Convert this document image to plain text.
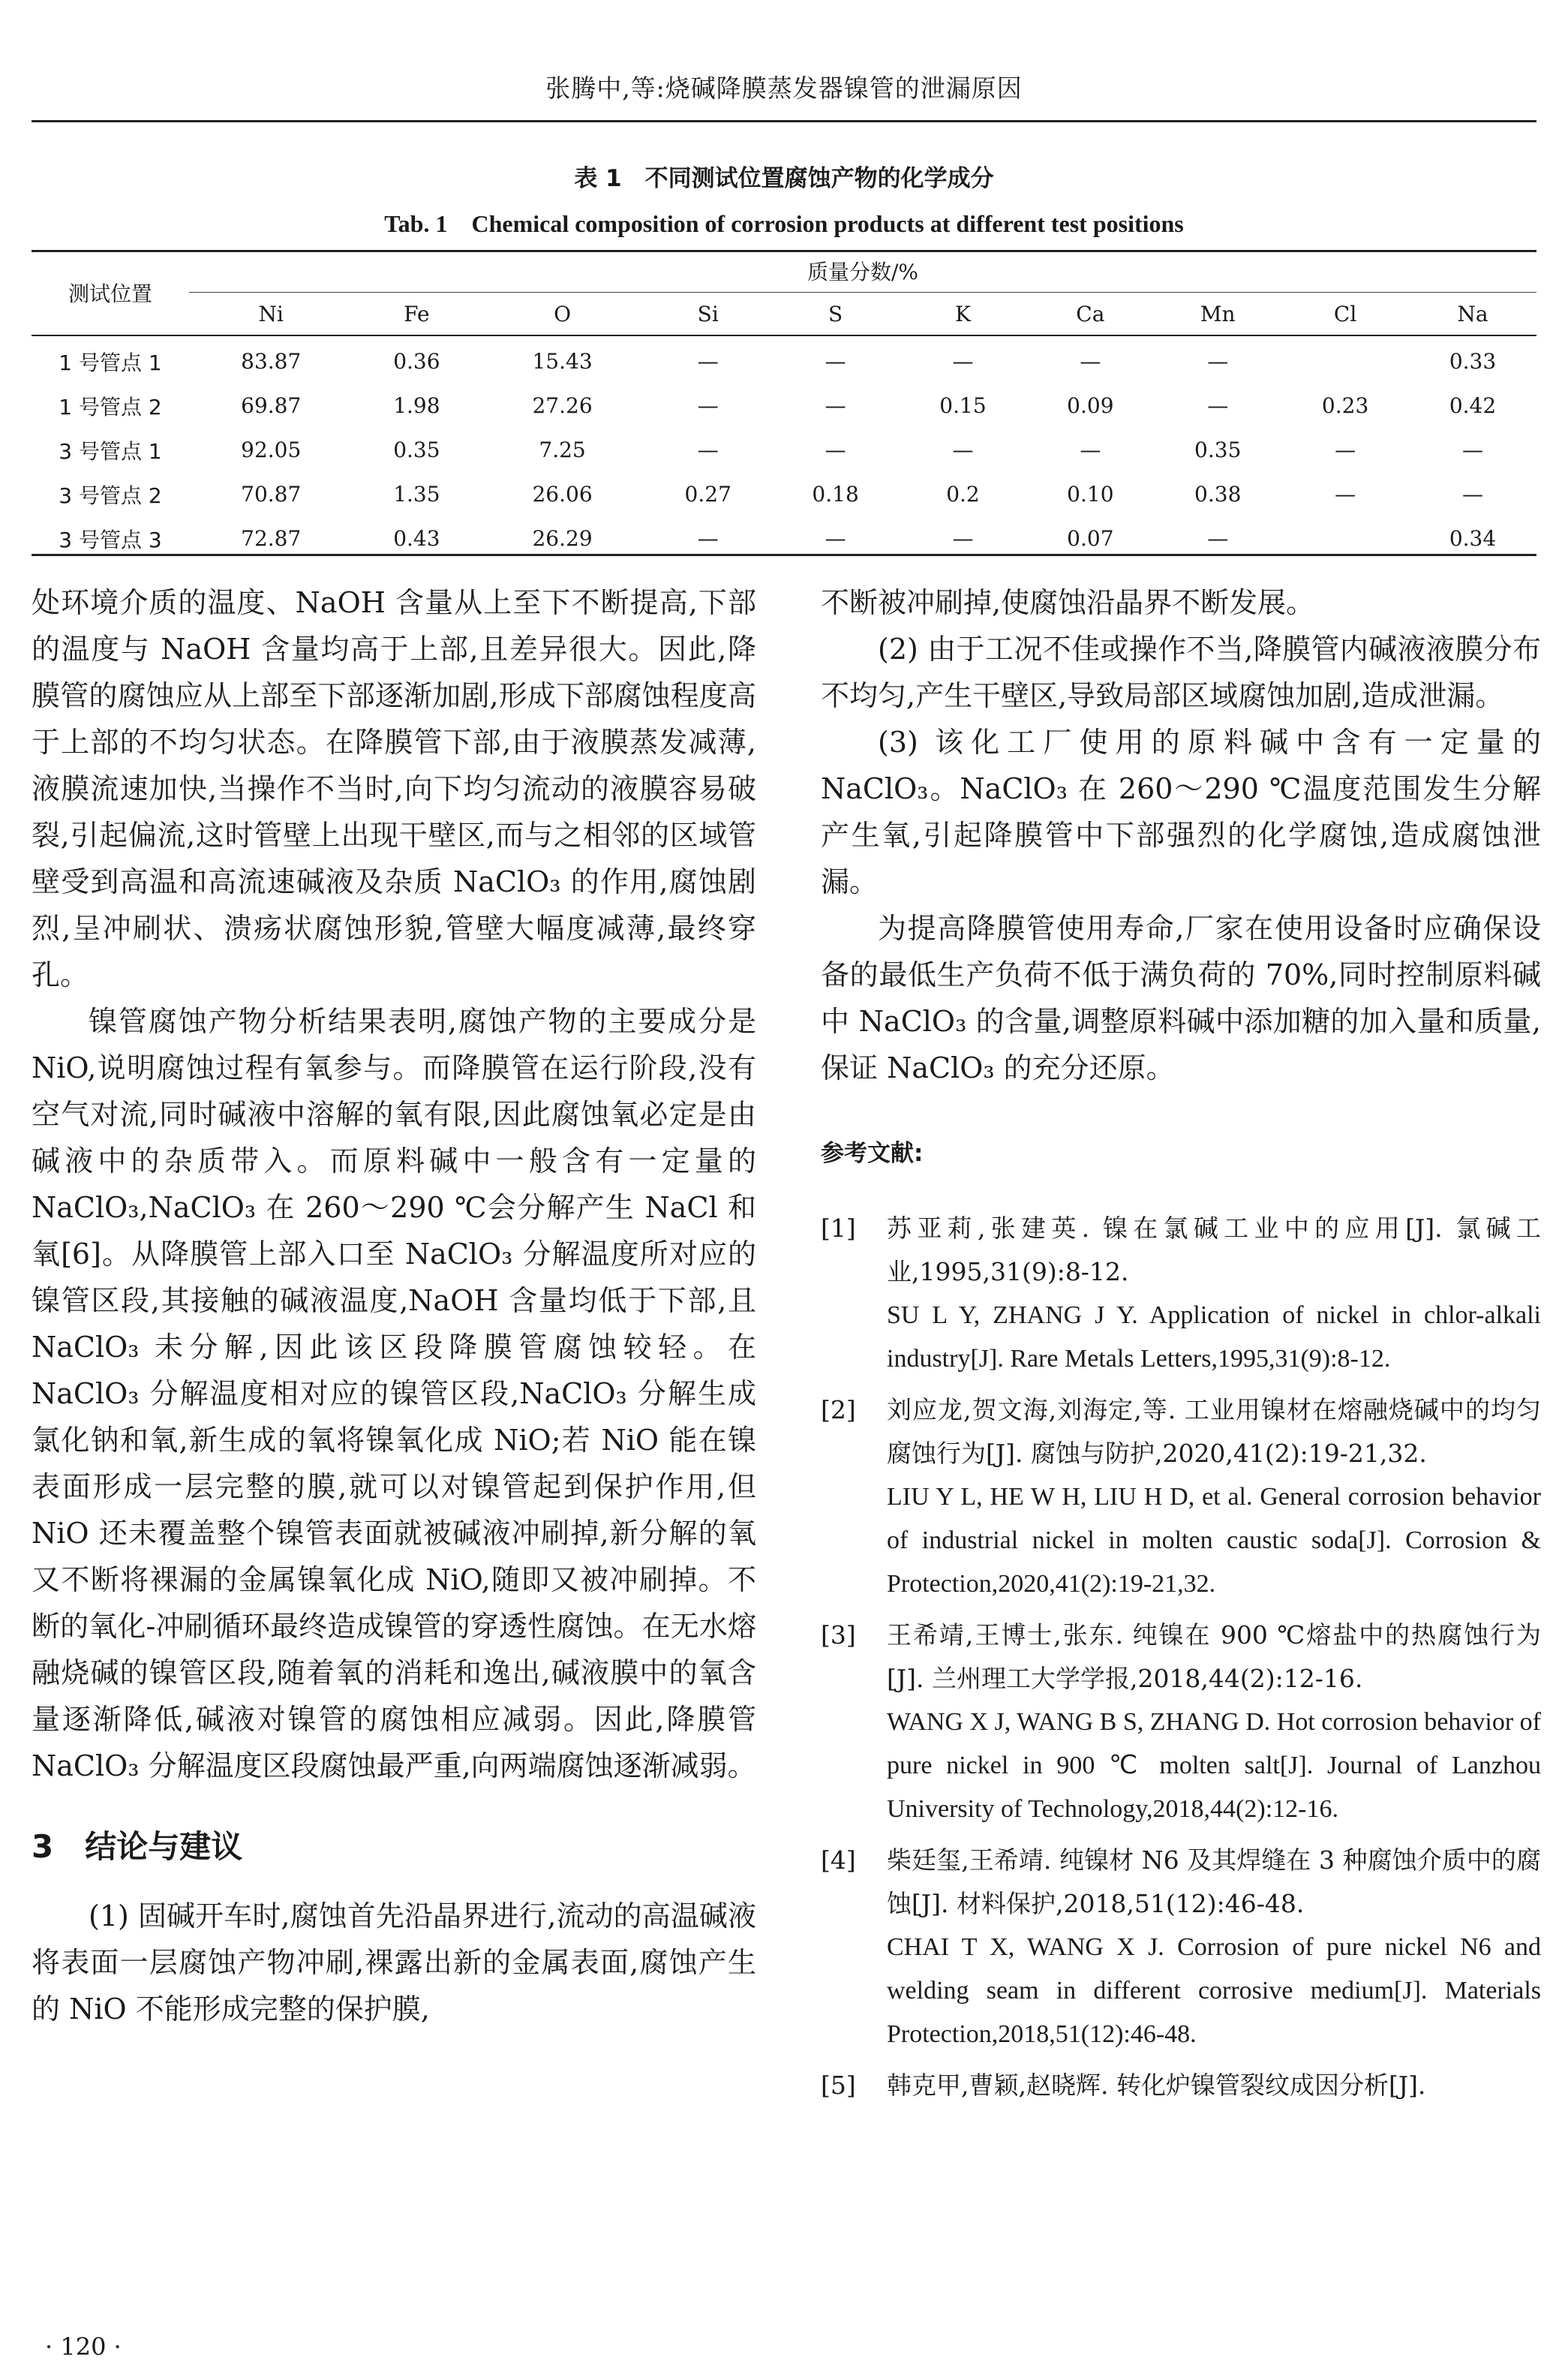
张腾中,等:烧碱降膜蒸发器镍管的泄漏原因
表 1　不同测试位置腐蚀产物的化学成分
Tab. 1　Chemical composition of corrosion products at different test positions
测试位置	质量分数/%									
	Ni	Fe	O	Si	S	K	Ca	Mn	Cl	Na
1 号管点 1	83.87	0.36	15.43	—	—	—	—	—		0.33
1 号管点 2	69.87	1.98	27.26	—	—	0.15	0.09	—	0.23	0.42
3 号管点 1	92.05	0.35	7.25	—	—	—	—	0.35	—	—
3 号管点 2	70.87	1.35	26.06	0.27	0.18	0.2	0.10	0.38	—	—
3 号管点 3	72.87	0.43	26.29	—	—	—	0.07	—		0.34

处环境介质的温度、NaOH 含量从上至下不断提高,下部的温度与 NaOH 含量均高于上部,且差异很大。因此,降膜管的腐蚀应从上部至下部逐渐加剧,形成下部腐蚀程度高于上部的不均匀状态。在降膜管下部,由于液膜蒸发减薄,液膜流速加快,当操作不当时,向下均匀流动的液膜容易破裂,引起偏流,这时管壁上出现干壁区,而与之相邻的区域管壁受到高温和高流速碱液及杂质 NaClO₃ 的作用,腐蚀剧烈,呈冲刷状、溃疡状腐蚀形貌,管壁大幅度减薄,最终穿孔。

镍管腐蚀产物分析结果表明,腐蚀产物的主要成分是 NiO,说明腐蚀过程有氧参与。而降膜管在运行阶段,没有空气对流,同时碱液中溶解的氧有限,因此腐蚀氧必定是由碱液中的杂质带入。而原料碱中一般含有一定量的 NaClO₃,NaClO₃ 在 260～290 ℃会分解产生 NaCl 和氧[6]。从降膜管上部入口至 NaClO₃ 分解温度所对应的镍管区段,其接触的碱液温度,NaOH 含量均低于下部,且 NaClO₃ 未分解,因此该区段降膜管腐蚀较轻。在 NaClO₃ 分解温度相对应的镍管区段,NaClO₃ 分解生成氯化钠和氧,新生成的氧将镍氧化成 NiO;若 NiO 能在镍表面形成一层完整的膜,就可以对镍管起到保护作用,但 NiO 还未覆盖整个镍管表面就被碱液冲刷掉,新分解的氧又不断将裸漏的金属镍氧化成 NiO,随即又被冲刷掉。不断的氧化-冲刷循环最终造成镍管的穿透性腐蚀。在无水熔融烧碱的镍管区段,随着氧的消耗和逸出,碱液膜中的氧含量逐渐降低,碱液对镍管的腐蚀相应减弱。因此,降膜管 NaClO₃ 分解温度区段腐蚀最严重,向两端腐蚀逐渐减弱。

3　结论与建议

(1) 固碱开车时,腐蚀首先沿晶界进行,流动的高温碱液将表面一层腐蚀产物冲刷,裸露出新的金属表面,腐蚀产生的 NiO 不能形成完整的保护膜,

不断被冲刷掉,使腐蚀沿晶界不断发展。

(2) 由于工况不佳或操作不当,降膜管内碱液液膜分布不均匀,产生干壁区,导致局部区域腐蚀加剧,造成泄漏。

(3) 该化工厂使用的原料碱中含有一定量的 NaClO₃。NaClO₃ 在 260～290 ℃温度范围发生分解产生氧,引起降膜管中下部强烈的化学腐蚀,造成腐蚀泄漏。

为提高降膜管使用寿命,厂家在使用设备时应确保设备的最低生产负荷不低于满负荷的 70%,同时控制原料碱中 NaClO₃ 的含量,调整原料碱中添加糖的加入量和质量,保证 NaClO₃ 的充分还原。

参考文献:

[1] 苏亚莉,张建英. 镍在氯碱工业中的应用[J]. 氯碱工业,1995,31(9):8-12.
SU L Y, ZHANG J Y. Application of nickel in chlor-alkali industry[J]. Rare Metals Letters,1995,31(9):8-12.

[2] 刘应龙,贺文海,刘海定,等. 工业用镍材在熔融烧碱中的均匀腐蚀行为[J]. 腐蚀与防护,2020,41(2):19-21,32.
LIU Y L, HE W H, LIU H D, et al. General corrosion behavior of industrial nickel in molten caustic soda[J]. Corrosion & Protection,2020,41(2):19-21,32.

[3] 王希靖,王博士,张东. 纯镍在 900 ℃熔盐中的热腐蚀行为[J]. 兰州理工大学学报,2018,44(2):12-16.
WANG X J, WANG B S, ZHANG D. Hot corrosion behavior of pure nickel in 900 ℃ molten salt[J]. Journal of Lanzhou University of Technology,2018,44(2):12-16.

[4] 柴廷玺,王希靖. 纯镍材 N6 及其焊缝在 3 种腐蚀介质中的腐蚀[J]. 材料保护,2018,51(12):46-48.
CHAI T X, WANG X J. Corrosion of pure nickel N6 and welding seam in different corrosive medium[J]. Materials Protection,2018,51(12):46-48.

[5] 韩克甲,曹颖,赵晓辉. 转化炉镍管裂纹成因分析[J].

· 120 ·
